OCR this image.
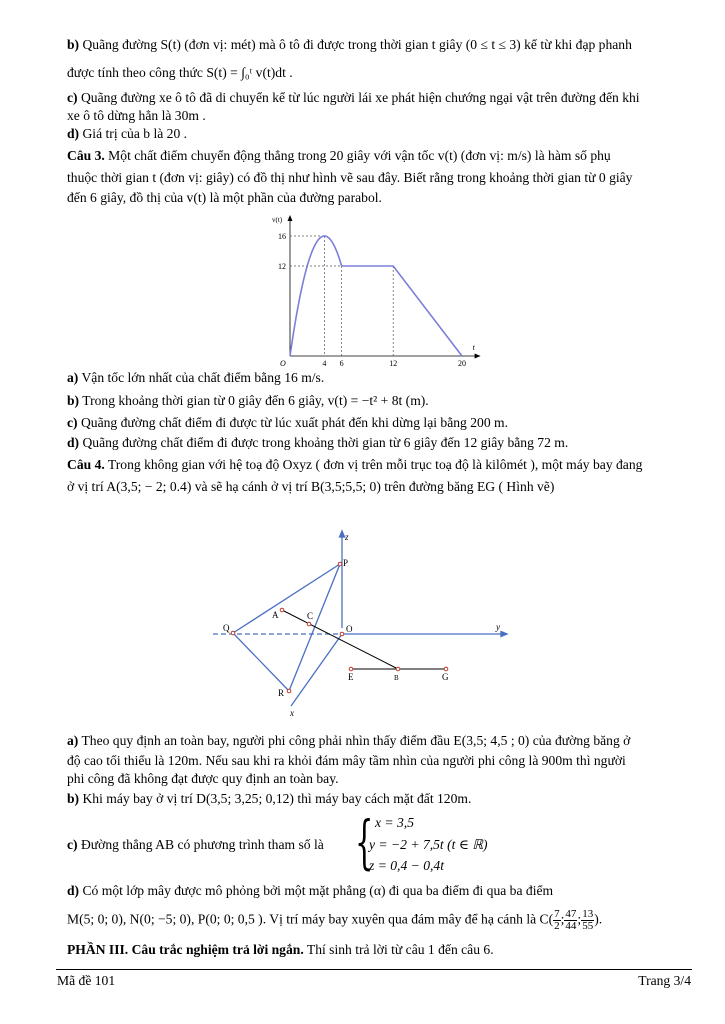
b) Quãng đường S(t) (đơn vị: mét) mà ô tô đi được trong thời gian t giây (0 ≤ t ≤ 3) kể từ khi đạp phanh

được tính theo công thức S(t) = ∫₀ᵗ v(t)dt .

c) Quãng đường xe ô tô đã di chuyển kể từ lúc người lái xe phát hiện chướng ngại vật trên đường đến khi

xe ô tô dừng hẳn là 30m .

d) Giá trị của b là 20 .

Câu 3. Một chất điểm chuyển động thẳng trong 20 giây với vận tốc v(t) (đơn vị: m/s) là hàm số phụ

thuộc thời gian t (đơn vị: giây) có đồ thị như hình vẽ sau đây. Biết rằng trong khoảng thời gian từ 0 giây

đến 6 giây, đồ thị của v(t) là một phần của đường parabol.

16
12
4 6	12	20
O
v(t)
t

a) Vận tốc lớn nhất của chất điểm bằng 16 m/s.

b) Trong khoảng thời gian từ 0 giây đến 6 giây, v(t) = −t² + 8t (m).

c) Quãng đường chất điểm đi được từ lúc xuất phát đến khi dừng lại bằng 200 m.

d) Quãng đường chất điểm đi được trong khoảng thời gian từ 6 giây đến 12 giây bằng 72 m.

Câu 4. Trong không gian với hệ toạ độ Oxyz ( đơn vị trên mỗi trục toạ độ là kilômét ), một máy bay đang

ở vị trí A(3,5; − 2; 0.4) và sẽ hạ cánh ở vị trí B(3,5;5,5; 0) trên đường băng EG ( Hình vẽ)

z
y
x
P
Q	O
R
A	C
E	B	G

a) Theo quy định an toàn bay, người phi công phải nhìn thấy điểm đầu E(3,5; 4,5 ; 0) của đường băng ở

độ cao tối thiểu là 120m. Nếu sau khi ra khỏi đám mây tầm nhìn của người phi công là 900m thì người

phi công đã không đạt được quy định an toàn bay.

b) Khi máy bay ở vị trí D(3,5; 3,25; 0,12) thì máy bay cách mặt đất 120m.

c) Đường thẳng AB có phương trình tham số là { x = 3,5
y = −2 + 7,5t (t ∈ ℝ)
z = 0,4 − 0,4t

d) Có một lớp mây được mô phỏng bởi một mặt phẳng (α) đi qua ba điểm đi qua ba điểm

M(5; 0; 0), N(0; −5; 0), P(0; 0; 0,5 ). Vị trí máy bay xuyên qua đám mây để hạ cánh là $C( \frac{7}{2}$ ; $\frac{47}{44}$ ; $\frac{13}{55}$ ).

PHẦN III. Câu trắc nghiệm trả lời ngắn. Thí sinh trả lời từ câu 1 đến câu 6.

Mã đề 101	Trang 3/4
